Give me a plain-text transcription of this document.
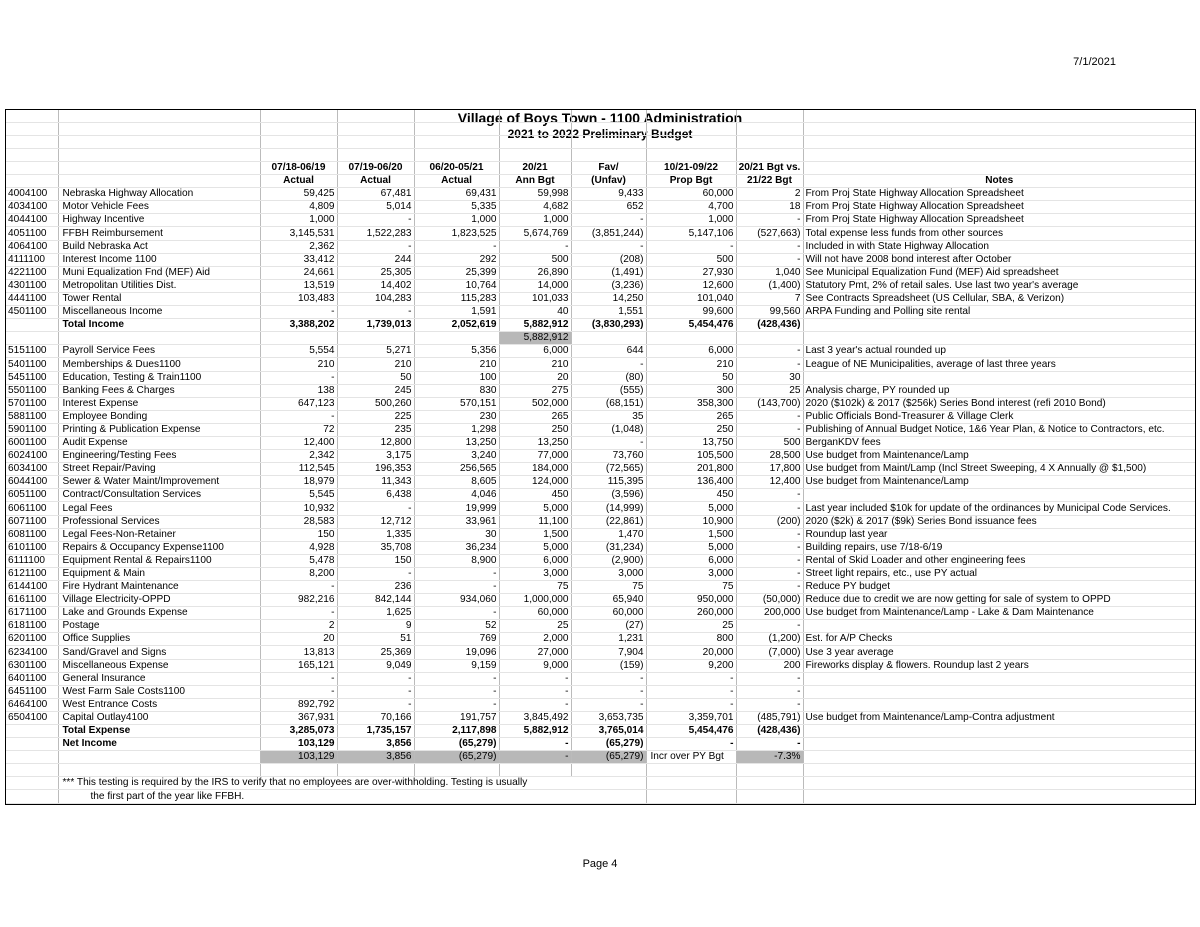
7/1/2021
Village of Boys Town - 1100 Administration
2021 to 2022 Preliminary Budget

		07/18-06/19	07/19-06/20	06/20-05/21	20/21	Fav/	10/21-09/22	20/21 Bgt vs.	
		Actual	Actual	Actual	Ann Bgt	(Unfav)	Prop Bgt	21/22 Bgt	Notes
4004100	Nebraska Highway Allocation	59,425	67,481	69,431	59,998	9,433	60,000	2	From Proj State Highway Allocation Spreadsheet
4034100	Motor Vehicle Fees	4,809	5,014	5,335	4,682	652	4,700	18	From Proj State Highway Allocation Spreadsheet
4044100	Highway Incentive	1,000	-	1,000	1,000	-	1,000	-	From Proj State Highway Allocation Spreadsheet
4051100	FFBH Reimbursement	3,145,531	1,522,283	1,823,525	5,674,769	(3,851,244)	5,147,106	(527,663)	Total expense less funds from other sources
4064100	Build Nebraska Act	2,362	-	-	-	-	-	-	Included in with State Highway Allocation
4111100	Interest Income 1100	33,412	244	292	500	(208)	500	-	Will not have 2008 bond interest after October
4221100	Muni Equalization Fnd (MEF) Aid	24,661	25,305	25,399	26,890	(1,491)	27,930	1,040	See Municipal Equalization Fund (MEF) Aid spreadsheet
4301100	Metropolitan Utilities Dist.	13,519	14,402	10,764	14,000	(3,236)	12,600	(1,400)	Statutory Pmt, 2% of retail sales. Use last two year's average
4441100	Tower Rental	103,483	104,283	115,283	101,033	14,250	101,040	7	See Contracts Spreadsheet (US Cellular, SBA, & Verizon)
4501100	Miscellaneous Income	-	-	1,591	40	1,551	99,600	99,560	ARPA Funding and Polling site rental
	Total Income	3,388,202	1,739,013	2,052,619	5,882,912	(3,830,293)	5,454,476	(428,436)	
					5,882,912				
5151100	Payroll Service Fees	5,554	5,271	5,356	6,000	644	6,000	-	Last 3 year's actual rounded up
5401100	Memberships & Dues1100	210	210	210	210	-	210	-	League of NE Municipalities, average of last three years
5451100	Education, Testing & Train1100	-	50	100	20	(80)	50	30	
5501100	Banking Fees & Charges	138	245	830	275	(555)	300	25	Analysis charge, PY rounded up
5701100	Interest Expense	647,123	500,260	570,151	502,000	(68,151)	358,300	(143,700)	2020 ($102k) & 2017 ($256k) Series Bond interest (refi 2010 Bond)
5881100	Employee Bonding	-	225	230	265	35	265	-	Public Officials Bond-Treasurer & Village Clerk
5901100	Printing & Publication Expense	72	235	1,298	250	(1,048)	250	-	Publishing of Annual Budget Notice, 1&6 Year Plan, & Notice to Contractors, etc.
6001100	Audit Expense	12,400	12,800	13,250	13,250	-	13,750	500	BerganKDV fees
6024100	Engineering/Testing Fees	2,342	3,175	3,240	77,000	73,760	105,500	28,500	Use budget from Maintenance/Lamp
6034100	Street Repair/Paving	112,545	196,353	256,565	184,000	(72,565)	201,800	17,800	Use budget from Maint/Lamp (Incl Street Sweeping, 4 X Annually @ $1,500)
6044100	Sewer & Water Maint/Improvement	18,979	11,343	8,605	124,000	115,395	136,400	12,400	Use budget from Maintenance/Lamp
6051100	Contract/Consultation Services	5,545	6,438	4,046	450	(3,596)	450	-	
6061100	Legal Fees	10,932	-	19,999	5,000	(14,999)	5,000	-	Last year included $10k for update of the ordinances by Municipal Code Services.
6071100	Professional Services	28,583	12,712	33,961	11,100	(22,861)	10,900	(200)	2020 ($2k) & 2017 ($9k) Series Bond issuance fees
6081100	Legal Fees-Non-Retainer	150	1,335	30	1,500	1,470	1,500	-	Roundup last year
6101100	Repairs & Occupancy Expense1100	4,928	35,708	36,234	5,000	(31,234)	5,000	-	Building repairs, use 7/18-6/19
6111100	Equipment Rental & Repairs1100	5,478	150	8,900	6,000	(2,900)	6,000	-	Rental of Skid Loader and other engineering fees
6121100	Equipment & Main	8,200	-	-	3,000	3,000	3,000	-	Street light repairs, etc., use PY actual
6144100	Fire Hydrant Maintenance	-	236	-	75	75	75	-	Reduce PY budget
6161100	Village Electricity-OPPD	982,216	842,144	934,060	1,000,000	65,940	950,000	(50,000)	Reduce due to credit we are now getting for sale of system to OPPD
6171100	Lake and Grounds Expense	-	1,625	-	60,000	60,000	260,000	200,000	Use budget from Maintenance/Lamp - Lake & Dam Maintenance
6181100	Postage	2	9	52	25	(27)	25	-	
6201100	Office Supplies	20	51	769	2,000	1,231	800	(1,200)	Est. for A/P Checks
6234100	Sand/Gravel and Signs	13,813	25,369	19,096	27,000	7,904	20,000	(7,000)	Use 3 year average
6301100	Miscellaneous Expense	165,121	9,049	9,159	9,000	(159)	9,200	200	Fireworks display & flowers. Roundup last 2 years
6401100	General Insurance	-	-	-	-	-	-	-	
6451100	West Farm Sale Costs1100	-	-	-	-	-	-	-	
6464100	West Entrance Costs	892,792	-	-	-	-	-	-	
6504100	Capital Outlay4100	367,931	70,166	191,757	3,845,492	3,653,735	3,359,701	(485,791)	Use budget from Maintenance/Lamp-Contra adjustment
	Total Expense	3,285,073	1,735,157	2,117,898	5,882,912	3,765,014	5,454,476	(428,436)	
	Net Income	103,129	3,856	(65,279)	-	(65,279)	-	-	
		103,129	3,856	(65,279)	-	(65,279)	Incr over PY Bgt	-7.3%	

	*** This testing is required by the IRS to verify that no employees are over-withholding. Testing is usually								
	the first part of the year like FFBH.								
Page 4
